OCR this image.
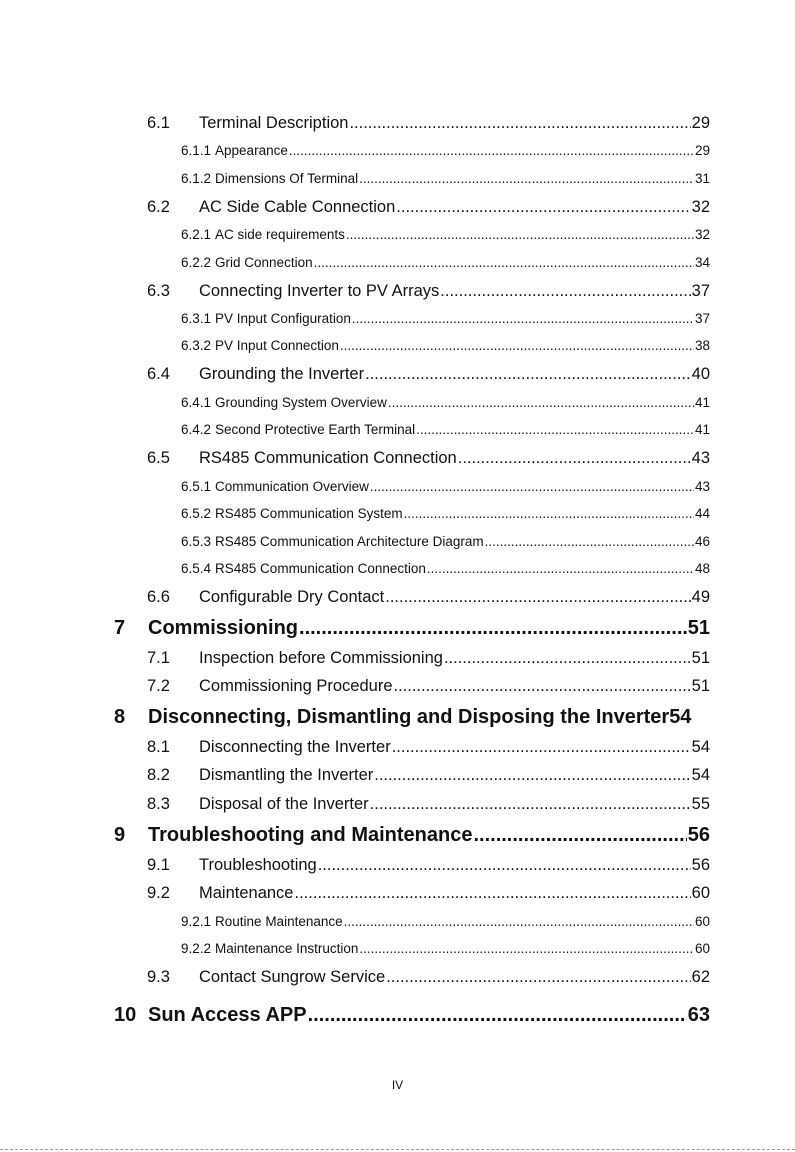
6.1	Terminal Description .....	29
6.1.1 Appearance .....	29
6.1.2 Dimensions Of Terminal .....	31
6.2	AC Side Cable Connection .....	32
6.2.1 AC side requirements .....	32
6.2.2 Grid Connection .....	34
6.3	Connecting Inverter to PV Arrays .....	37
6.3.1 PV Input Configuration .....	37
6.3.2 PV Input Connection .....	38
6.4	Grounding the Inverter .....	40
6.4.1 Grounding System Overview .....	41
6.4.2 Second Protective Earth Terminal .....	41
6.5	RS485 Communication Connection .....	43
6.5.1 Communication Overview .....	43
6.5.2 RS485 Communication System .....	44
6.5.3 RS485 Communication Architecture Diagram .....	46
6.5.4 RS485 Communication Connection .....	48
6.6	Configurable Dry Contact .....	49
7	Commissioning .....	51
7.1	Inspection before Commissioning .....	51
7.2	Commissioning Procedure .....	51
8	Disconnecting, Dismantling and Disposing the Inverter 54
8.1	Disconnecting the Inverter .....	54
8.2	Dismantling the Inverter .....	54
8.3	Disposal of the Inverter .....	55
9	Troubleshooting and Maintenance .....	56
9.1	Troubleshooting .....	56
9.2	Maintenance .....	60
9.2.1 Routine Maintenance .....	60
9.2.2 Maintenance Instruction .....	60
9.3	Contact Sungrow Service .....	62
10 Sun Access APP .....	63
IV
